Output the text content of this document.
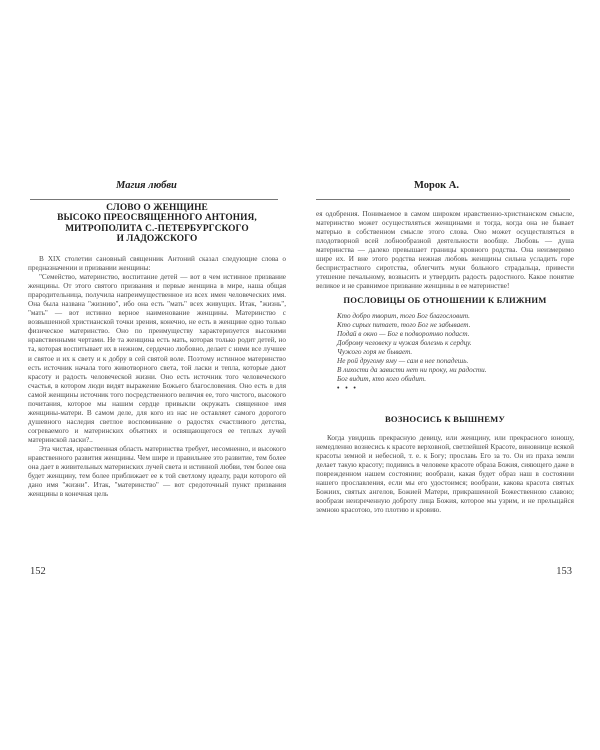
Магия любви
СЛОВО О ЖЕНЩИНЕ
ВЫСОКО ПРЕОСВЯЩЕННОГО АНТОНИЯ,
МИТРОПОЛИТА С.-ПЕТЕРБУРГСКОГО
И ЛАДОЖСКОГО

В XIX столетии сановный священник Антоний сказал следующие слова о предназначении и призвании женщины:

"Семейство, материнство, воспитание детей — вот в чем истинное призвание женщины. От этого святого призвания и первые женщина в мире, наша общая прародительница, получила напреимущественное из всех имен человеческих имя. Она была названа "жизнию", ибо она есть "мать" всех живущих. Итак, "жизнь", "мать" — вот истинно верное наименование женщины. Материнство с возвышенной христианской точки зрения, конечно, не есть в женщине одно только физическое материнство. Оно по преимуществу характеризуется высокими нравственными чертами. Не та женщина есть мать, которая только родит детей, но та, которая воспитывает их в нежном, сердечно любовно, делает с ними все лучшее и святое и их к свету и к добру в сей святой воле. Поэтому истинное материнство есть источник начала того животворного света, той ласки и тепла, которые дают красоту и радость человеческой жизни. Оно есть источник того человеческого счастья, в котором люди видят выражение Божьего благословения. Оно есть в для самой женщины источник того посредственного величия ее, того чистого, высокого почитания, которое мы нашим сердце привыкли окружать священное имя женщины-матери. В самом деле, для кого из нас не оставляет самого дорогого душевного наследия светлое воспоминание о радостях счастливого детства, согреваемого и материнских объятиях и освящающегося ее теплых лучей материнской ласки?..

Эта чистая, нравственная область материнства требует, несомненно, и высокого нравственного развития женщины. Чем шире и правильнее это развитие, тем более она дает в живительных материнских лучей света и истинной любви, тем более она будет женщину, тем более приближает ее к той светлому идеалу, ради которого ей дано имя "жизни". Итак, "материнство" — вот средоточный пункт призвания женщины в конечная цель

152
Морок А.

ея одобрения. Понимаемое в самом широком нравственно-христианском смысле, материнство может осуществляться женщинами и тогда, когда она не бывает матерью в собственном смысле этого слова. Оно может осуществляться в плодотворной всей лобнообразной деятельности вообще. Любовь — душа материнства — далеко превышает границы кровного родства. Она неизмеримо шире их. И вне этого родства нежная любовь женщины сильна усладить горе беспристрастного сиротства, облегчить муки больного страдальца, привести утешение печальному, возвысить и утвердить радость радостного. Какое понятие великое и не сравнимое призвание женщины в ее материнстве!

ПОСЛОВИЦЫ ОБ ОТНОШЕНИИ К БЛИЖНИМ

Кто добро творит, того Бог благословит.
Кто сирых питает, того Бог не забывает.
Подай в окно — Бог в подворотню подаст.
Доброму человеку и чужая болезнь к сердцу.
Чужого горя не бывает.
Не рой другому яму — сам в нее попадешь.
В лихости да зависти нет ни проку, ни радости.
Бог видит, кто кого обидит.
• • •

ВОЗНОСИСЬ К ВЫШНЕМУ

Когда увидишь прекрасную девицу, или женщину, или прекрасного юношу, немедленно вознесись к красоте верховной, светлейшей Красоте, виновнице всякой красоты земной и небесной, т. е. к Богу; прославь Его за то. Он из праха земли делает такую красоту; подивись в человеке красоте образа Божия, сияющего даже в поврежденном нашем состоянии; вообрази, какая будет образ наш в состоянии нашего прославления, если мы его удостоимся; вообрази, какова красота святых Божиих, святых ангелов, Божией Матери, прикрашенной Божественною славою; вообрази неизреченную доброту лица Божия, которое мы узрим, и не прельщайся земною красотою, это плотию и кровию.

153
